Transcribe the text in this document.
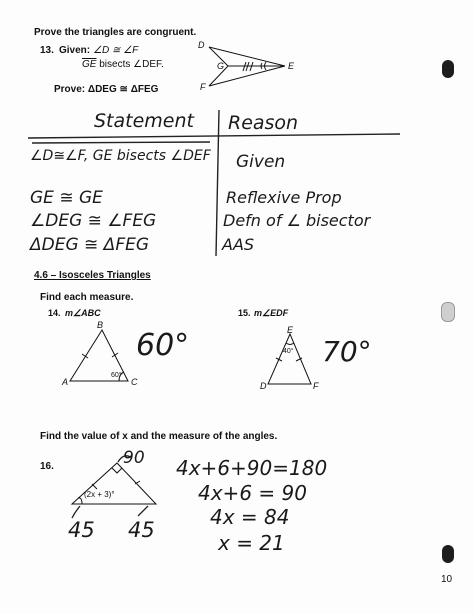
Prove the triangles are congruent.

13. Given: ∠D ≅ ∠F

$\overline{GE}$ bisects ∠DEF.

Prove: ΔDEG ≅ ΔFEG

D

G	E

F

Statement Reason

∠D≅∠F, GE bisects ∠DEF Given

GE ≅ GE	Reflexive Prop

∠DEG ≅ ∠FEG	Defn of ∠ bisector

ΔDEG ≅ ΔFEG	AAS

4.6 – Isosceles Triangles

Find each measure.

14. m∠ABC

B

A	C

60°

60°

15. m∠EDF

E

D	F

40° 70°

Find the value of x and the measure of the angles.

16.

(2x + 3)°

90

45 45

4x+6+90=180

4x+6 = 90

4x = 84

x = 21

10
